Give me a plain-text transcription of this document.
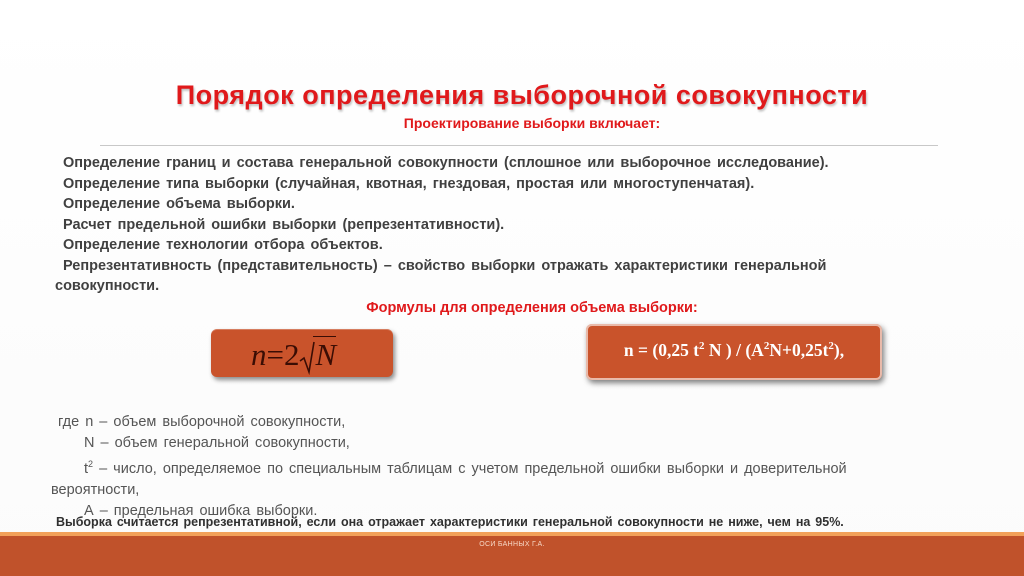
Порядок определения выборочной совокупности
Проектирование выборки включает:
Определение границ и состава генеральной совокупности (сплошное или выборочное исследование).
Определение типа выборки (случайная, квотная, гнездовая, простая или многоступенчатая).
Определение объема выборки.
Расчет предельной ошибки выборки (репрезентативности).
Определение технологии отбора объектов.
Репрезентативность (представительность) – свойство выборки отражать характеристики генеральной
совокупности.
Формулы для определения объема выборки:
n=2 N	n = (0,25 $t^2$ N ) / $(A^2N+0,25t^2)$,
где n – объем выборочной совокупности,
N – объем генеральной совокупности,
$t^2$ – число, определяемое по специальным таблицам с учетом предельной ошибки выборки и доверительной
вероятности,
А – предельная ошибка выборки.
Выборка считается репрезентативной, если она отражает характеристики генеральной совокупности не ниже, чем на 95%.
ОСИ БАННЫХ Г.А.
